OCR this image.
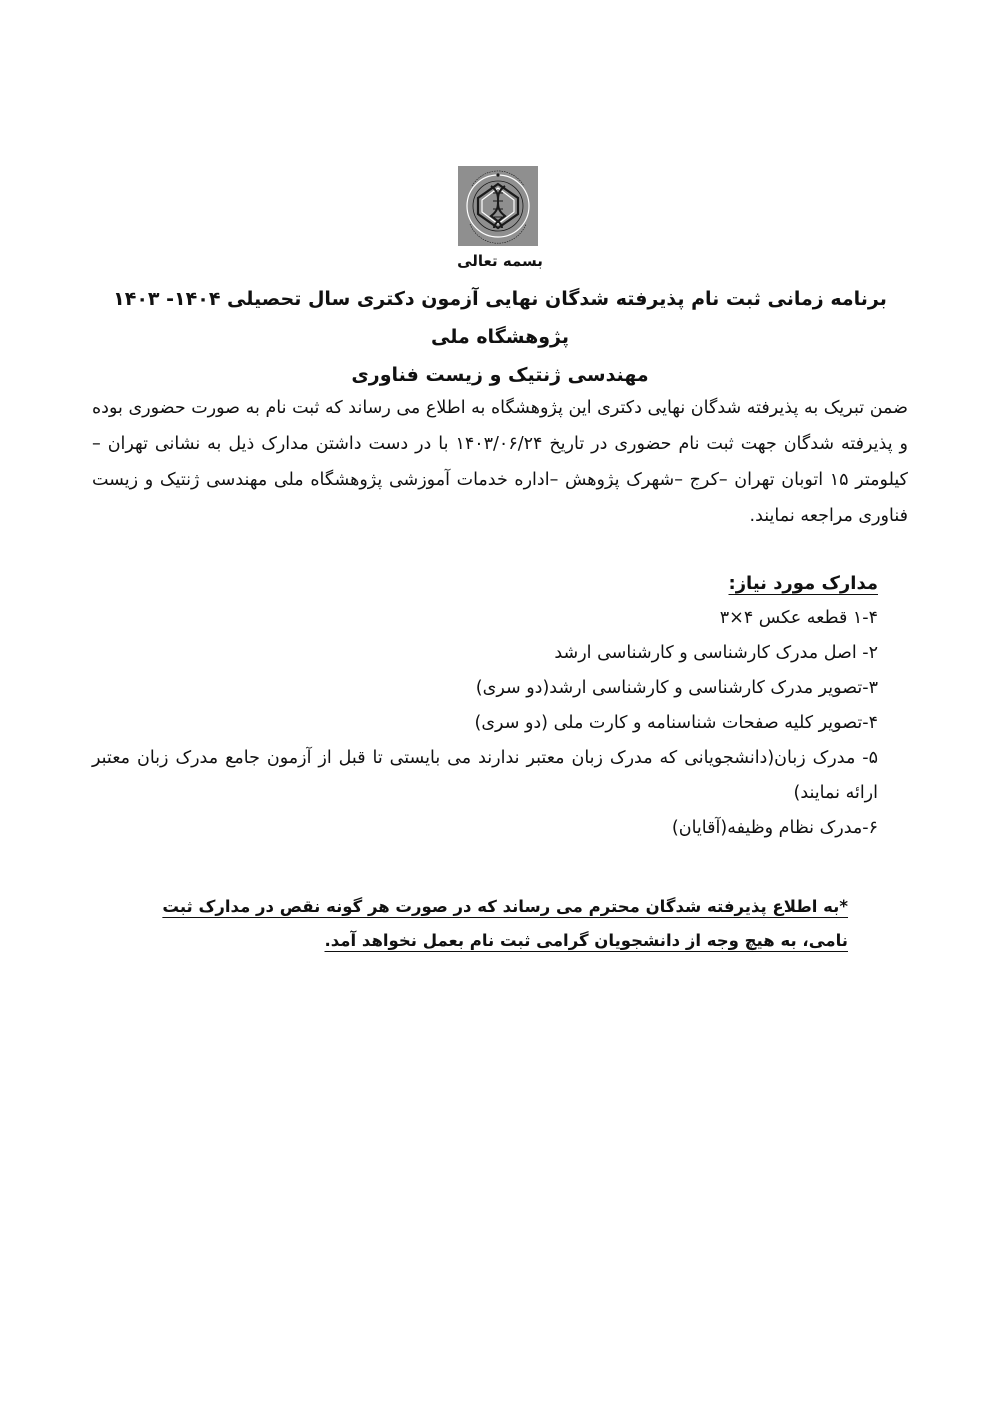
بسمه تعالی
برنامه زمانی ثبت نام پذیرفته شدگان نهایی آزمون دکتری سال تحصیلی ۱۴۰۴- ۱۴۰۳ پژوهشگاه ملی
مهندسی ژنتیک و زیست فناوری
ضمن تبریک به پذیرفته شدگان نهایی دکتری این پژوهشگاه به اطلاع می رساند که ثبت نام به صورت حضوری بوده و پذیرفته شدگان جهت ثبت نام حضوری در تاریخ ۱۴۰۳/۰۶/۲۴ با در دست داشتن مدارک ذیل به نشانی تهران – کیلومتر ۱۵ اتوبان تهران –کرج –شهرک پژوهش –اداره خدمات آموزشی پژوهشگاه ملی مهندسی ژنتیک و زیست فناوری مراجعه نمایند.

مدارک مورد نیاز:

۱-۴ قطعه عکس ۴×۳
۲- اصل مدرک کارشناسی و کارشناسی ارشد
۳-تصویر مدرک کارشناسی و کارشناسی ارشد(دو سری)
۴-تصویر کلیه صفحات شناسنامه و کارت ملی (دو سری)
۵- مدرک زبان(دانشجویانی که مدرک زبان معتبر ندارند می بایستی تا قبل از آزمون جامع مدرک زبان معتبر ارائه نمایند)
۶-مدرک نظام وظیفه(آقایان)
*به اطلاع پذیرفته شدگان محترم می رساند که در صورت هر گونه نقص در مدارک ثبت نامی، به هیچ وجه از دانشجویان گرامی ثبت نام بعمل نخواهد آمد.
